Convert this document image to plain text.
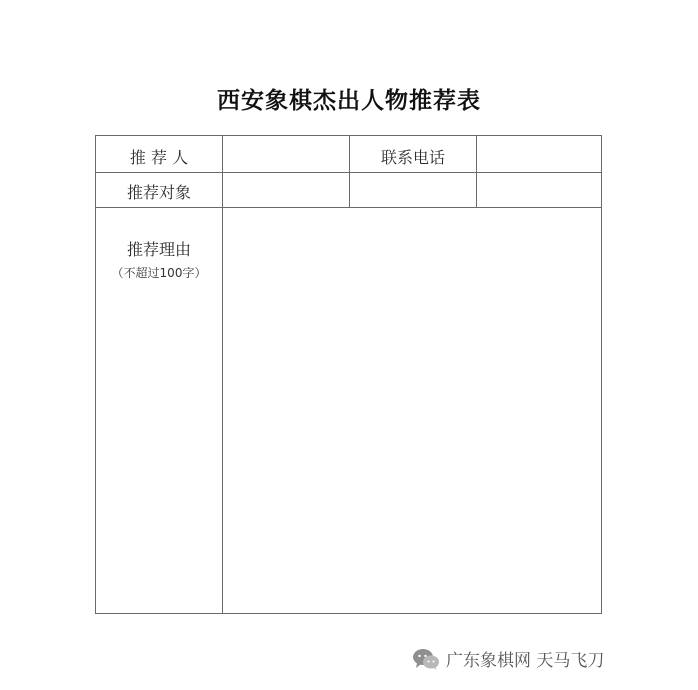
西安象棋杰出人物推荐表
推 荐 人	联系电话
推荐对象
推荐理由
（不超过100字）
广东象棋网 天马飞刀
